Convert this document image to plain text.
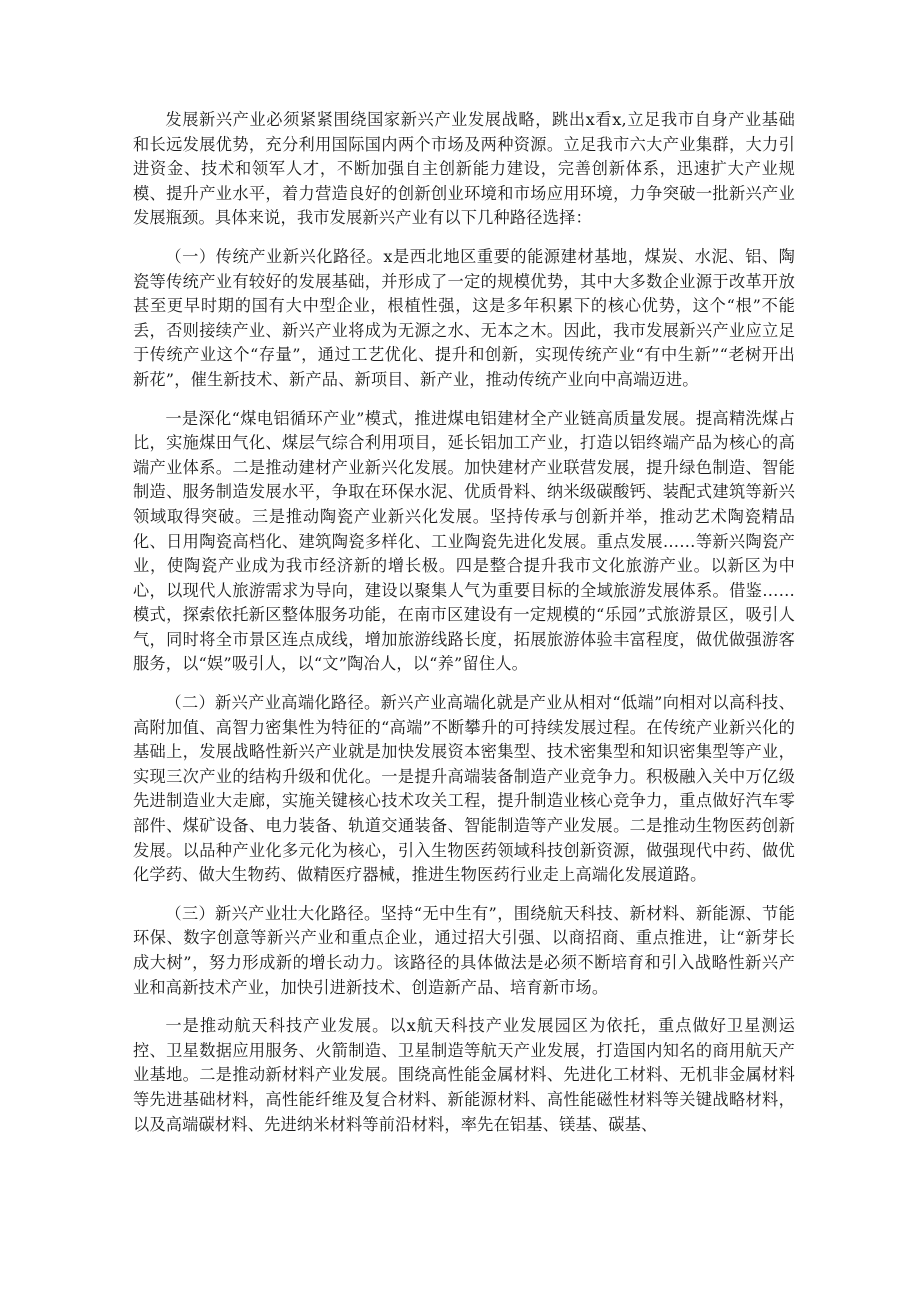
发展新兴产业必须紧紧围绕国家新兴产业发展战略，跳出x看x,立足我市自身产业基础和长远发展优势，充分利用国际国内两个市场及两种资源。立足我市六大产业集群，大力引进资金、技术和领军人才，不断加强自主创新能力建设，完善创新体系，迅速扩大产业规模、提升产业水平，着力营造良好的创新创业环境和市场应用环境，力争突破一批新兴产业发展瓶颈。具体来说，我市发展新兴产业有以下几种路径选择：

（一）传统产业新兴化路径。x是西北地区重要的能源建材基地，煤炭、水泥、铝、陶瓷等传统产业有较好的发展基础，并形成了一定的规模优势，其中大多数企业源于改革开放甚至更早时期的国有大中型企业，根植性强，这是多年积累下的核心优势，这个“根”不能丢，否则接续产业、新兴产业将成为无源之水、无本之木。因此，我市发展新兴产业应立足于传统产业这个“存量”，通过工艺优化、提升和创新，实现传统产业“有中生新”“老树开出新花”，催生新技术、新产品、新项目、新产业，推动传统产业向中高端迈进。

一是深化“煤电铝循环产业”模式，推进煤电铝建材全产业链高质量发展。提高精洗煤占比，实施煤田气化、煤层气综合利用项目，延长铝加工产业，打造以铝终端产品为核心的高端产业体系。二是推动建材产业新兴化发展。加快建材产业联营发展，提升绿色制造、智能制造、服务制造发展水平，争取在环保水泥、优质骨料、纳米级碳酸钙、装配式建筑等新兴领域取得突破。三是推动陶瓷产业新兴化发展。坚持传承与创新并举，推动艺术陶瓷精品化、日用陶瓷高档化、建筑陶瓷多样化、工业陶瓷先进化发展。重点发展……等新兴陶瓷产业，使陶瓷产业成为我市经济新的增长极。四是整合提升我市文化旅游产业。以新区为中心，以现代人旅游需求为导向，建设以聚集人气为重要目标的全域旅游发展体系。借鉴……模式，探索依托新区整体服务功能，在南市区建设有一定规模的“乐园”式旅游景区，吸引人气，同时将全市景区连点成线，增加旅游线路长度，拓展旅游体验丰富程度，做优做强游客服务，以“娱”吸引人，以“文”陶冶人，以“养”留住人。

（二）新兴产业高端化路径。新兴产业高端化就是产业从相对“低端”向相对以高科技、高附加值、高智力密集性为特征的“高端”不断攀升的可持续发展过程。在传统产业新兴化的基础上，发展战略性新兴产业就是加快发展资本密集型、技术密集型和知识密集型等产业，实现三次产业的结构升级和优化。一是提升高端装备制造产业竞争力。积极融入关中万亿级先进制造业大走廊，实施关键核心技术攻关工程，提升制造业核心竞争力，重点做好汽车零部件、煤矿设备、电力装备、轨道交通装备、智能制造等产业发展。二是推动生物医药创新发展。以品种产业化多元化为核心，引入生物医药领域科技创新资源，做强现代中药、做优化学药、做大生物药、做精医疗器械，推进生物医药行业走上高端化发展道路。

（三）新兴产业壮大化路径。坚持“无中生有”，围绕航天科技、新材料、新能源、节能环保、数字创意等新兴产业和重点企业，通过招大引强、以商招商、重点推进，让“新芽长成大树”，努力形成新的增长动力。该路径的具体做法是必须不断培育和引入战略性新兴产业和高新技术产业，加快引进新技术、创造新产品、培育新市场。

一是推动航天科技产业发展。以x航天科技产业发展园区为依托，重点做好卫星测运控、卫星数据应用服务、火箭制造、卫星制造等航天产业发展，打造国内知名的商用航天产业基地。二是推动新材料产业发展。围绕高性能金属材料、先进化工材料、无机非金属材料等先进基础材料，高性能纤维及复合材料、新能源材料、高性能磁性材料等关键战略材料，以及高端碳材料、先进纳米材料等前沿材料，率先在铝基、镁基、碳基、
